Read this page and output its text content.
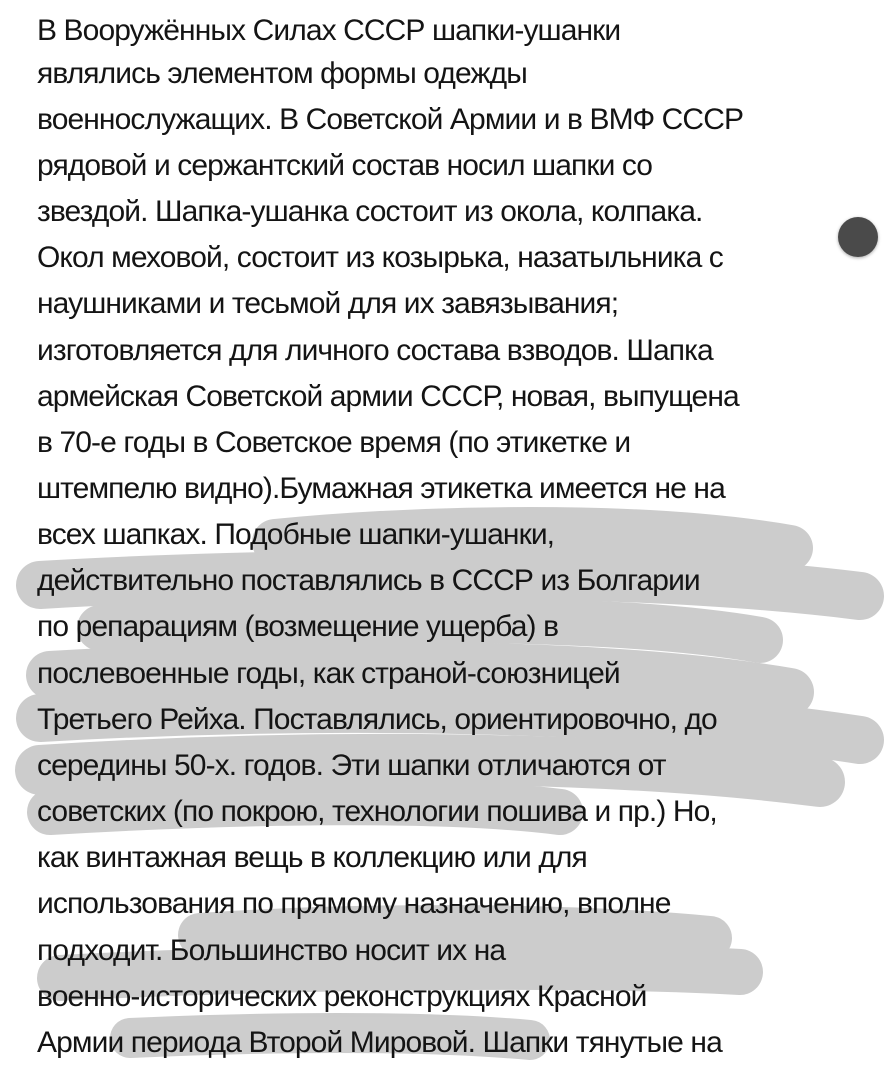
В Вооружённых Силах СССР шапки-ушанки
являлись элементом формы одежды
военнослужащих. В Советской Армии и в ВМФ СССР
рядовой и сержантский состав носил шапки со
звездой. Шапка-ушанка состоит из окола, колпака.
Окол меховой, состоит из козырька, назатыльника с
наушниками и тесьмой для их завязывания;
изготовляется для личного состава взводов. Шапка
армейская Советской армии СССР, новая, выпущена
в 70-е годы в Советское время (по этикетке и
штемпелю видно).Бумажная этикетка имеется не на
всех шапках. Подобные шапки-ушанки,
действительно поставлялись в СССР из Болгарии
по репарациям (возмещение ущерба) в
послевоенные годы, как страной-союзницей
Третьего Рейха. Поставлялись, ориентировочно, до
середины 50-х. годов. Эти шапки отличаются от
советских (по покрою, технологии пошива и пр.) Но,
как винтажная вещь в коллекцию или для
использования по прямому назначению, вполне
подходит. Большинство носит их на
военно-исторических реконструкциях Красной
Армии периода Второй Мировой. Шапки тянутые на
